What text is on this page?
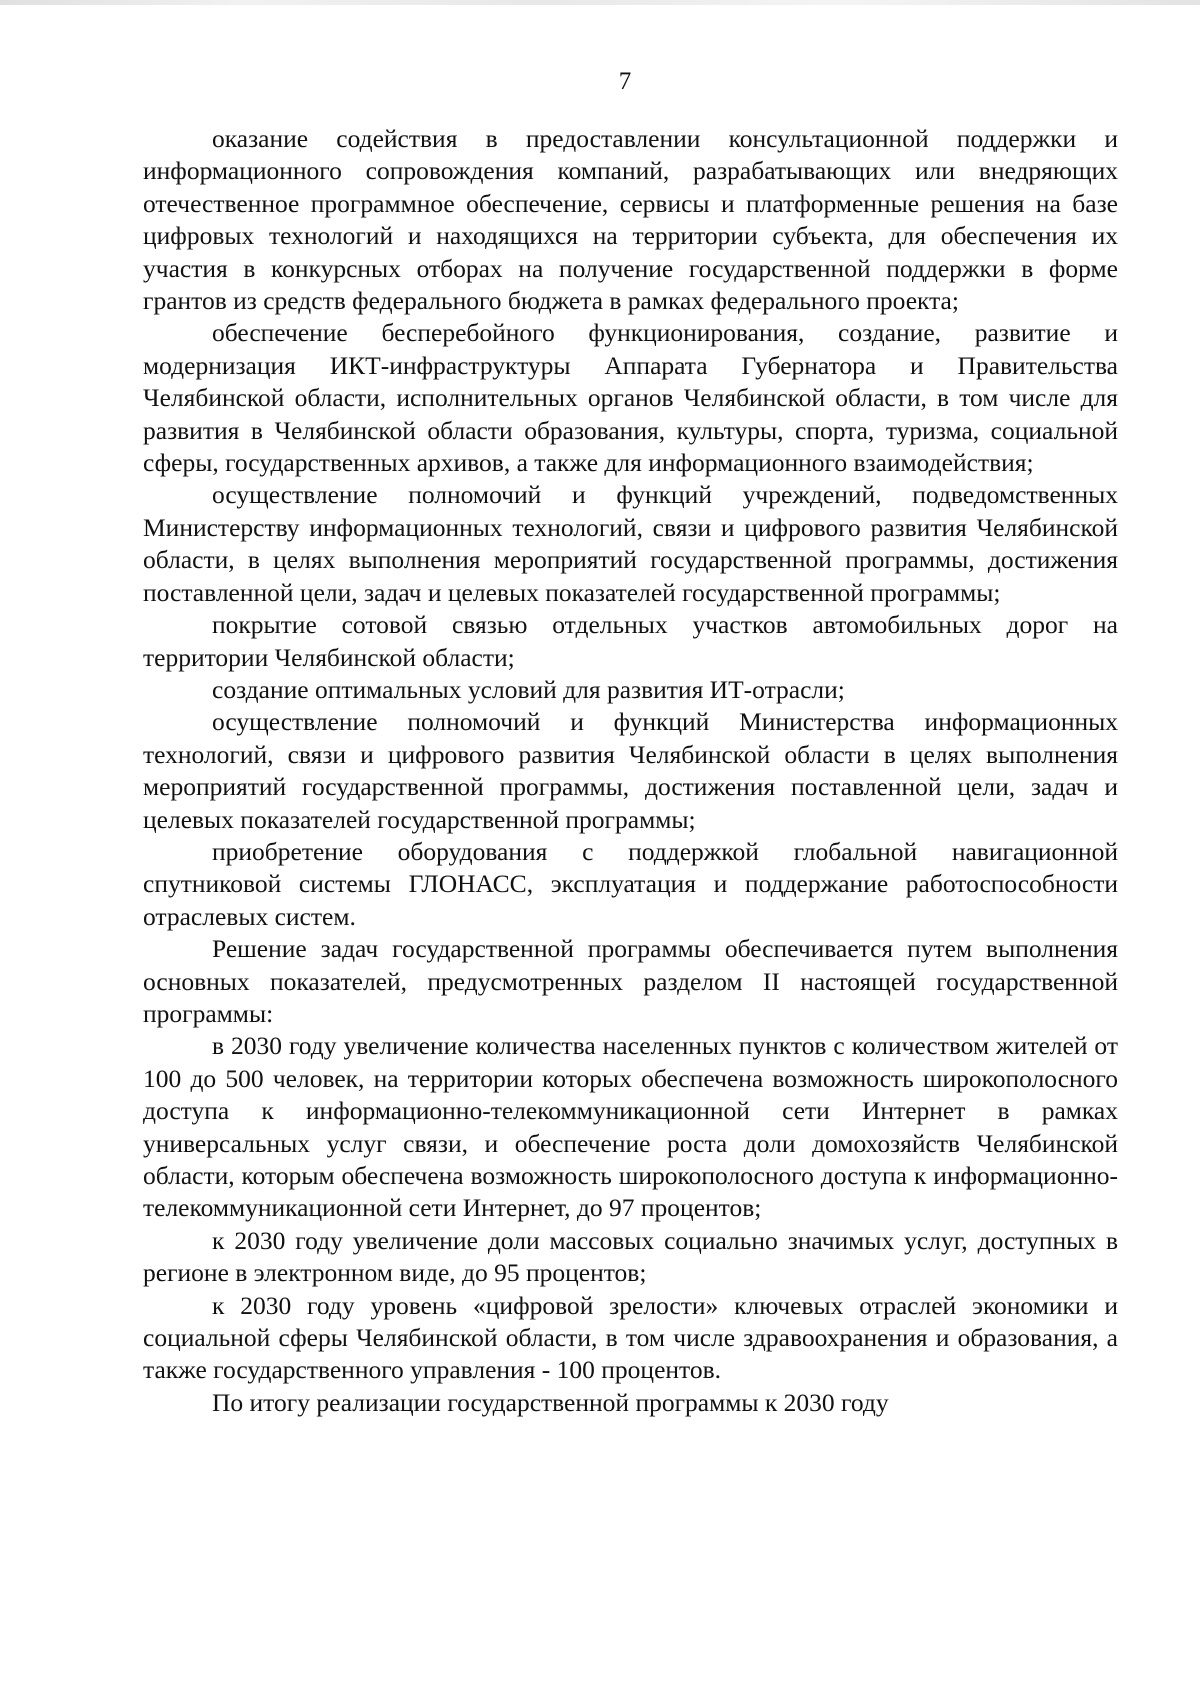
7

оказание содействия в предоставлении консультационной поддержки и информационного сопровождения компаний, разрабатывающих или внедряющих отечественное программное обеспечение, сервисы и платформенные решения на базе цифровых технологий и находящихся на территории субъекта, для обеспечения их участия в конкурсных отборах на получение государственной поддержки в форме грантов из средств федерального бюджета в рамках федерального проекта;

обеспечение бесперебойного функционирования, создание, развитие и модернизация ИКТ-инфраструктуры Аппарата Губернатора и Правительства Челябинской области, исполнительных органов Челябинской области, в том числе для развития в Челябинской области образования, культуры, спорта, туризма, социальной сферы, государственных архивов, а также для информационного взаимодействия;

осуществление полномочий и функций учреждений, подведомственных Министерству информационных технологий, связи и цифрового развития Челябинской области, в целях выполнения мероприятий государственной программы, достижения поставленной цели, задач и целевых показателей государственной программы;

покрытие сотовой связью отдельных участков автомобильных дорог на территории Челябинской области;

создание оптимальных условий для развития ИТ-отрасли;

осуществление полномочий и функций Министерства информационных технологий, связи и цифрового развития Челябинской области в целях выполнения мероприятий государственной программы, достижения поставленной цели, задач и целевых показателей государственной программы;

приобретение оборудования с поддержкой глобальной навигационной спутниковой системы ГЛОНАСС, эксплуатация и поддержание работоспособности отраслевых систем.

Решение задач государственной программы обеспечивается путем выполнения основных показателей, предусмотренных разделом II настоящей государственной программы:

в 2030 году увеличение количества населенных пунктов с количеством жителей от 100 до 500 человек, на территории которых обеспечена возможность широкополосного доступа к информационно-телекоммуникационной сети Интернет в рамках универсальных услуг связи, и обеспечение роста доли домохозяйств Челябинской области, которым обеспечена возможность широкополосного доступа к информационно-телекоммуникационной сети Интернет, до 97 процентов;

к 2030 году увеличение доли массовых социально значимых услуг, доступных в регионе в электронном виде, до 95 процентов;

к 2030 году уровень «цифровой зрелости» ключевых отраслей экономики и социальной сферы Челябинской области, в том числе здравоохранения и образования, а также государственного управления - 100 процентов.

По итогу реализации государственной программы к 2030 году
